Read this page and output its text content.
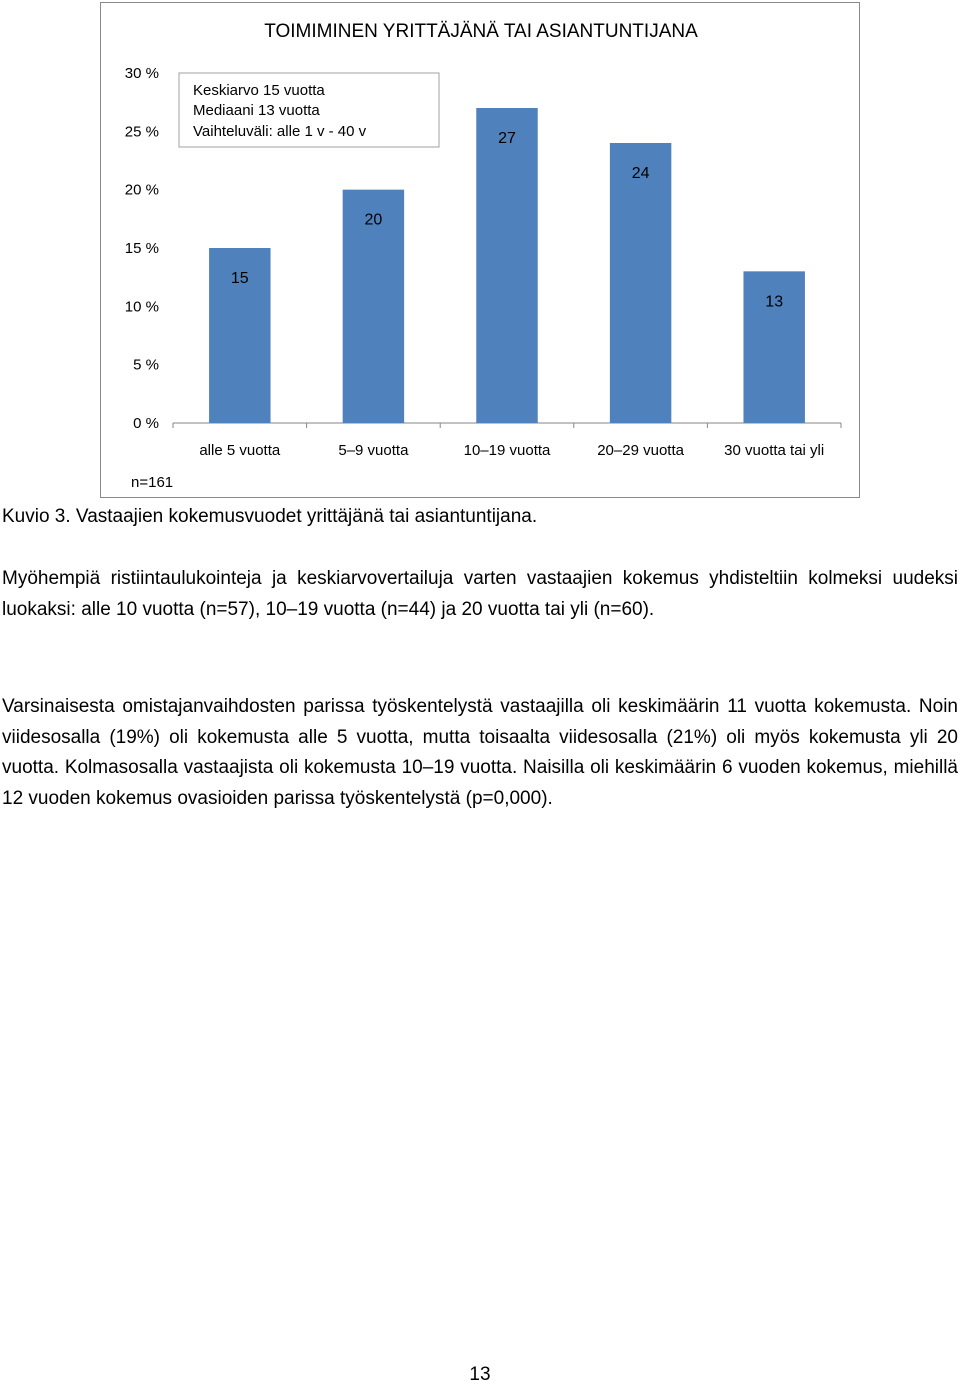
TOIMIMINEN YRITTÄJÄNÄ TAI ASIANTUNTIJANA
0 %
5 %
10 %
15 %
20 %
25 %
30 %
15
20
27
24
13
alle 5 vuotta	5–9 vuotta	10–19 vuotta	20–29 vuotta	30 vuotta tai yli
Keskiarvo 15 vuotta
Mediaani 13 vuotta
Vaihteluväli: alle 1 v - 40 v
n=161
Kuvio 3. Vastaajien kokemusvuodet yrittäjänä tai asiantuntijana.

Myöhempiä ristiintaulukointeja ja keskiarvovertailuja varten vastaajien kokemus yhdisteltiin kolmeksi uudeksi luokaksi: alle 10 vuotta (n=57), 10–19 vuotta (n=44) ja 20 vuotta tai yli (n=60).

Varsinaisesta omistajanvaihdosten parissa työskentelystä vastaajilla oli keskimäärin 11 vuotta kokemusta. Noin viidesosalla (19%) oli kokemusta alle 5 vuotta, mutta toisaalta viidesosalla (21%) oli myös kokemusta yli 20 vuotta. Kolmasosalla vastaajista oli kokemusta 10–19 vuotta. Naisilla oli keskimäärin 6 vuoden kokemus, miehillä 12 vuoden kokemus ovasioiden parissa työskentelystä (p=0,000).

13
